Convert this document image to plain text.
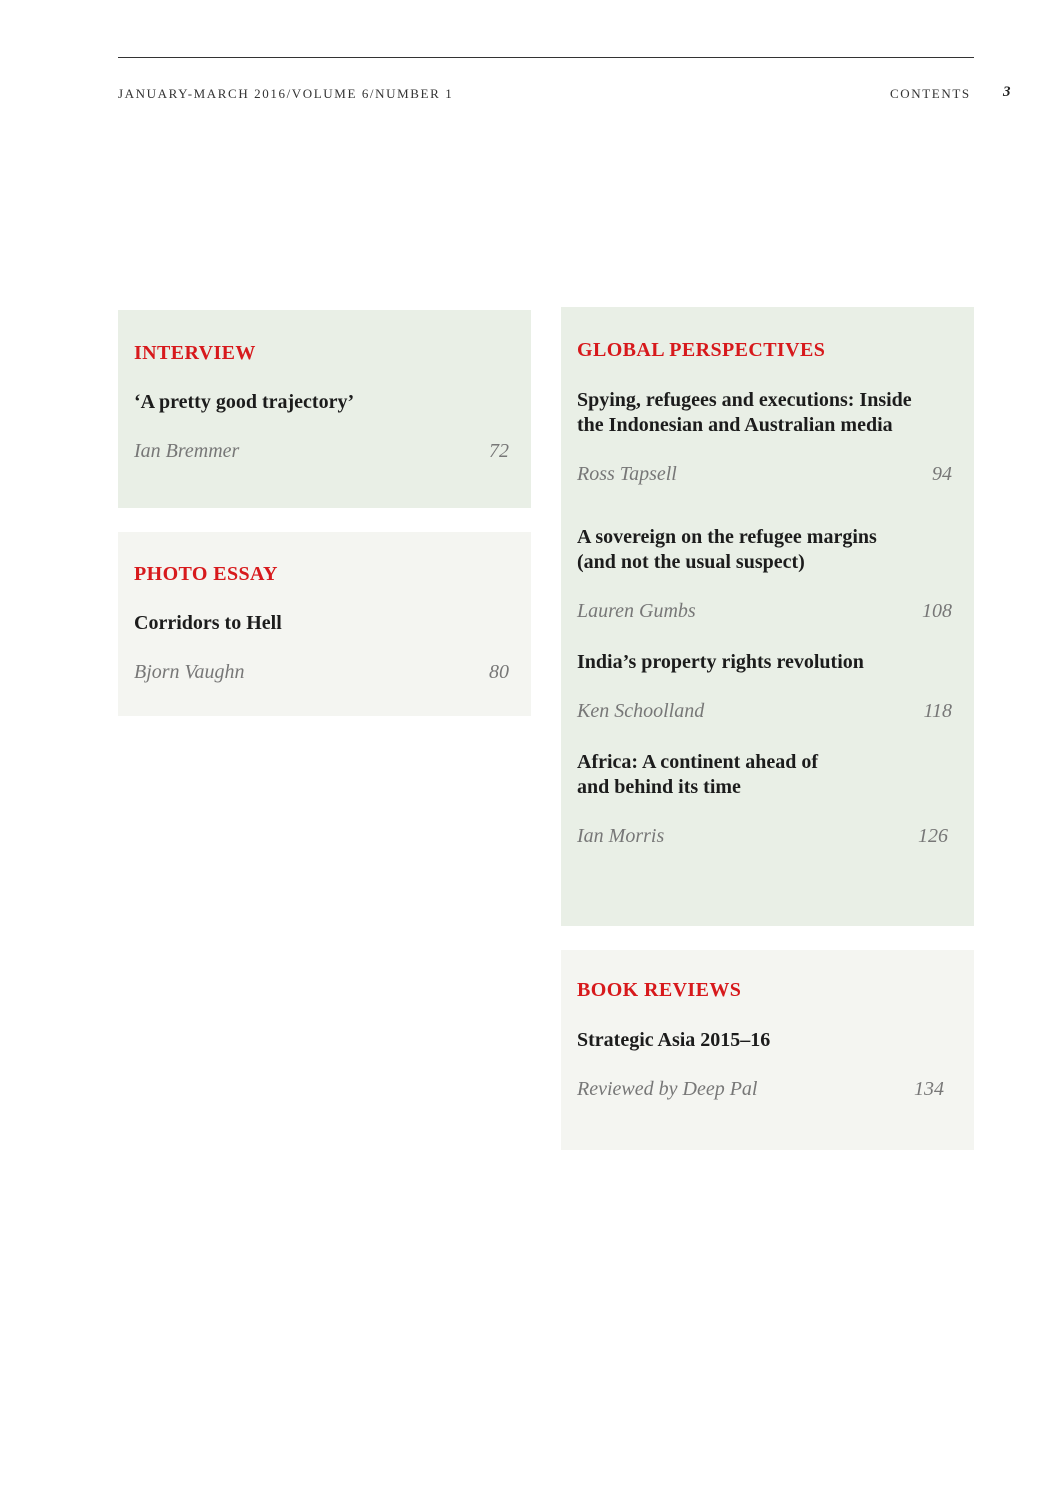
JANUARY-MARCH 2016/VOLUME 6/NUMBER 1	CONTENTS 3
INTERVIEW

‘A pretty good trajectory’

Ian Bremmer	72
PHOTO ESSAY

Corridors to Hell

Bjorn Vaughn	80
GLOBAL PERSPECTIVES

Spying, refugees and executions: Inside
the Indonesian and Australian media

Ross Tapsell	94

A sovereign on the refugee margins
(and not the usual suspect)

Lauren Gumbs	108

India’s property rights revolution

Ken Schoolland	118

Africa: A continent ahead of
and behind its time

Ian Morris	126
BOOK REVIEWS

Strategic Asia 2015–16

Reviewed by Deep Pal	134
